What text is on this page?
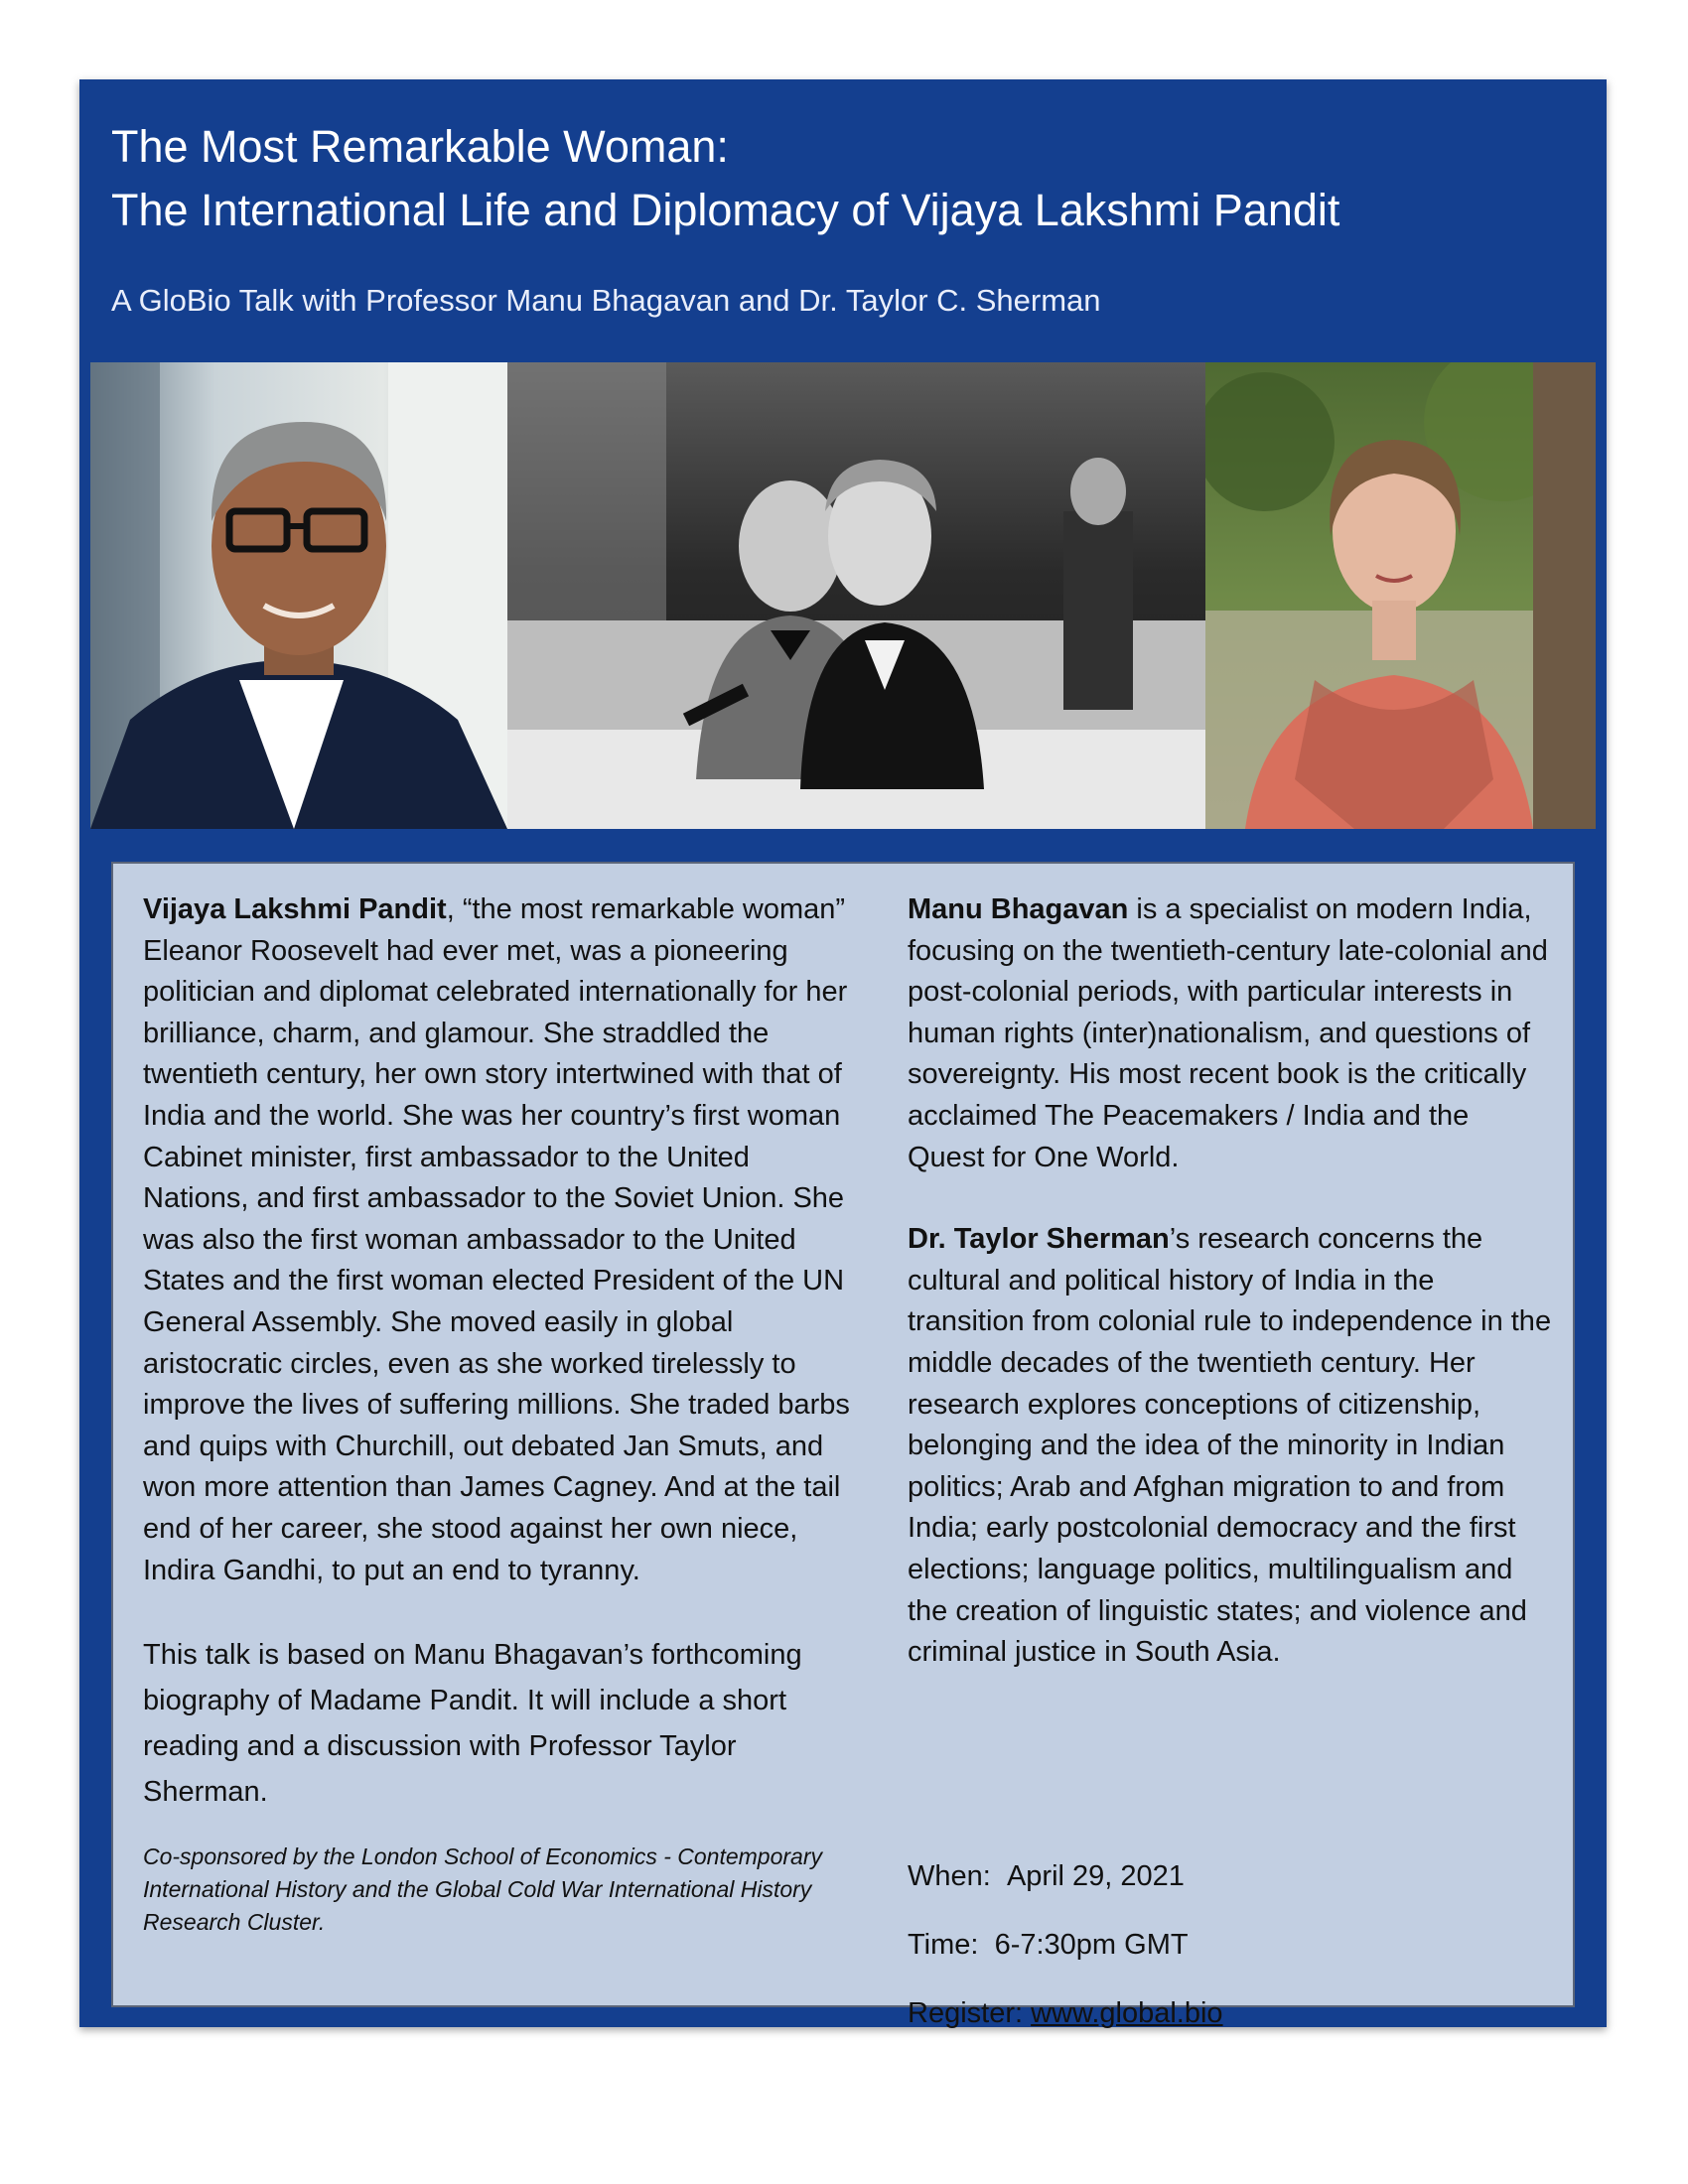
The Most Remarkable Woman:
The International Life and Diplomacy of Vijaya Lakshmi Pandit
A GloBio Talk with Professor Manu Bhagavan and Dr. Taylor C. Sherman

Vijaya Lakshmi Pandit, “the most remarkable woman” Eleanor Roosevelt had ever met, was a pioneering politician and diplomat celebrated internationally for her brilliance, charm, and glamour. She straddled the twentieth century, her own story intertwined with that of India and the world. She was her country’s first woman Cabinet minister, first ambassador to the United Nations, and first ambassador to the Soviet Union. She was also the first woman ambassador to the United States and the first woman elected President of the UN General Assembly. She moved easily in global aristocratic circles, even as she worked tirelessly to improve the lives of suffering millions. She traded barbs and quips with Churchill, out debated Jan Smuts, and won more attention than James Cagney. And at the tail end of her career, she stood against her own niece, Indira Gandhi, to put an end to tyranny.

This talk is based on Manu Bhagavan’s forthcoming biography of Madame Pandit. It will include a short reading and a discussion with Professor Taylor Sherman.

Co-sponsored by the London School of Economics - Contemporary International History and the Global Cold War International History Research Cluster.

Manu Bhagavan is a specialist on modern India, focusing on the twentieth-century late-colonial and post-colonial periods, with particular interests in human rights (inter)nationalism, and questions of sovereignty. His most recent book is the critically acclaimed The Peacemakers / India and the Quest for One World.

Dr. Taylor Sherman’s research concerns the cultural and political history of India in the transition from colonial rule to independence in the middle decades of the twentieth century. Her research explores conceptions of citizenship, belonging and the idea of the minority in Indian politics; Arab and Afghan migration to and from India; early postcolonial democracy and the first elections; language politics, multilingualism and the creation of linguistic states; and violence and criminal justice in South Asia.

When: April 29, 2021
Time: 6-7:30pm GMT
Register: www.global.bio
